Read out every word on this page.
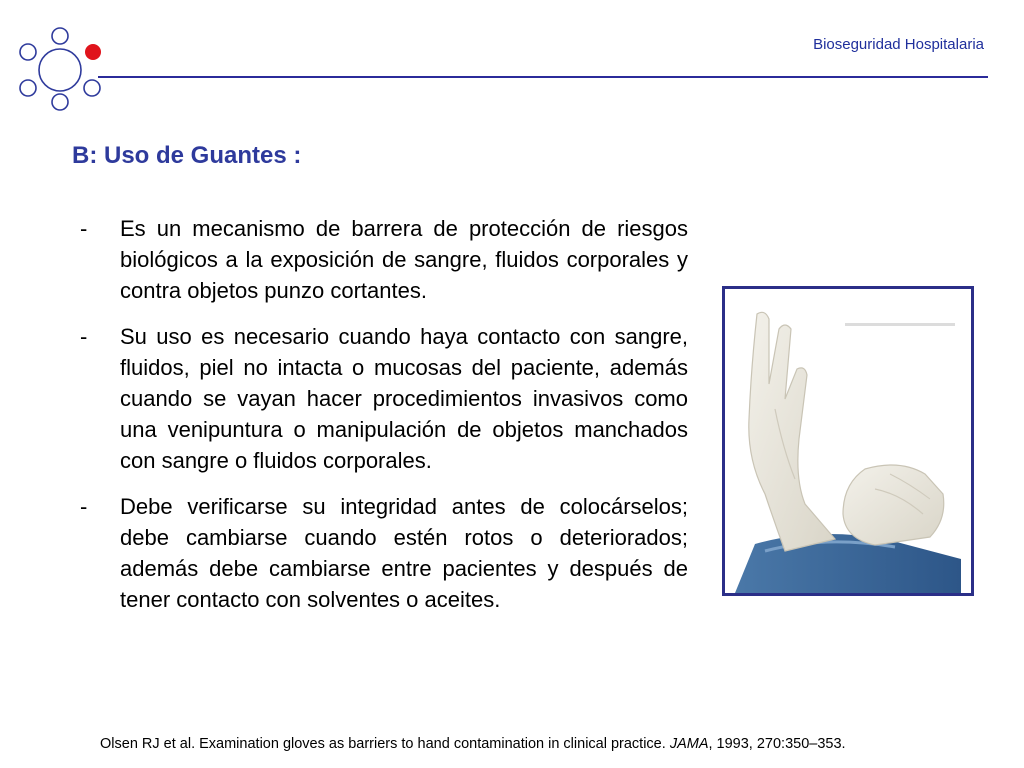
Bioseguridad Hospitalaria
B: Uso de Guantes :
-	Es un mecanismo de barrera de protección de riesgos biológicos a la exposición de sangre, fluidos corporales y contra objetos punzo cortantes.
-	Su uso es necesario cuando haya contacto con sangre, fluidos, piel no intacta o mucosas del paciente, además cuando se vayan hacer procedimientos invasivos como una venipuntura o manipulación de objetos manchados con sangre o fluidos corporales.
-	Debe verificarse su integridad antes de colocárselos; debe cambiarse cuando estén rotos o deteriorados; además debe cambiarse entre pacientes y después de tener contacto con solventes o aceites.
Olsen RJ et al. Examination gloves as barriers to hand contamination in clinical practice. JAMA, 1993, 270:350–353.
